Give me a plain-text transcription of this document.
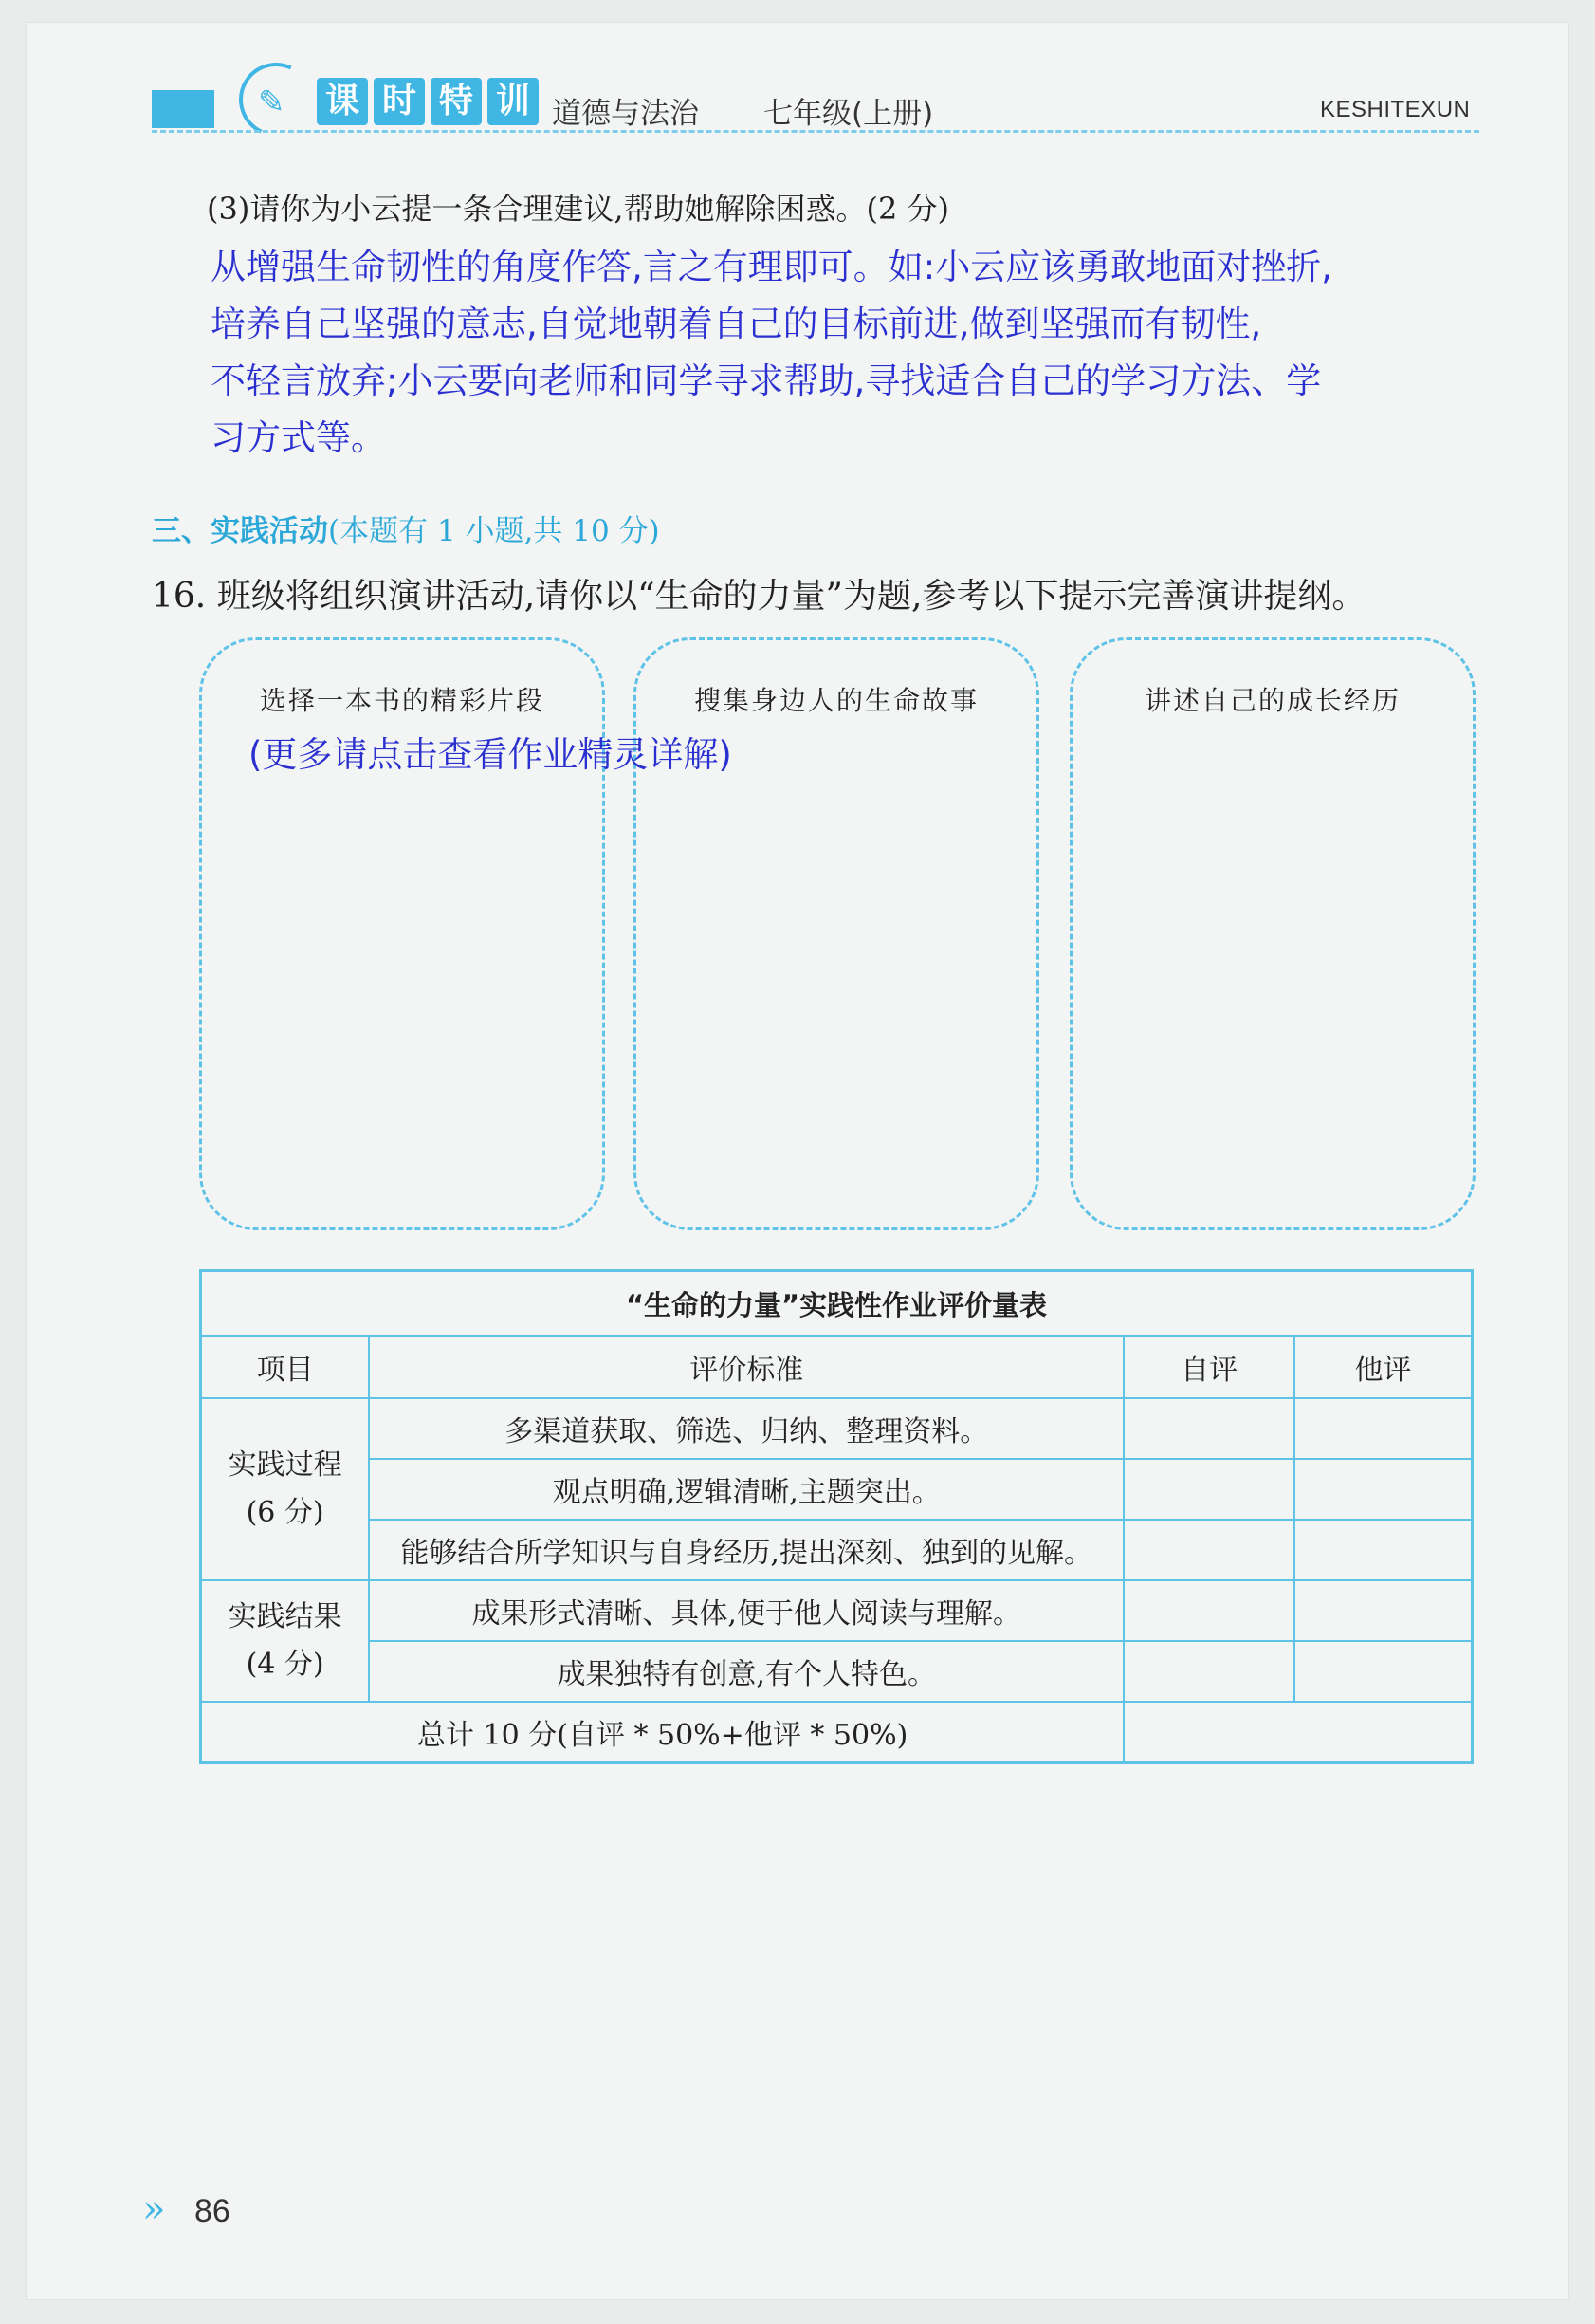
✎ 课 时 特 训 道德与法治 七年级(上册)	KESHITEXUN
(3)请你为小云提一条合理建议,帮助她解除困惑。(2 分)
从增强生命韧性的角度作答,言之有理即可。如:小云应该勇敢地面对挫折,
培养自己坚强的意志,自觉地朝着自己的目标前进,做到坚强而有韧性,
不轻言放弃;小云要向老师和同学寻求帮助,寻找适合自己的学习方法、学
习方式等。
三、实践活动(本题有 1 小题,共 10 分)
16. 班级将组织演讲活动,请你以“生命的力量”为题,参考以下提示完善演讲提纲。
选择一本书的精彩片段	搜集身边人的生命故事	讲述自己的成长经历
(更多请点击查看作业精灵详解)
“生命的力量”实践性作业评价量表			
项目	评价标准	自评	他评

实践过程
(6 分)	多渠道获取、筛选、归纳、整理资料。		
	观点明确,逻辑清晰,主题突出。		
	能够结合所学知识与自身经历,提出深刻、独到的见解。		

实践结果
(4 分)	成果形式清晰、具体,便于他人阅读与理解。		
	成果独特有创意,有个人特色。		
总计 10 分(自评 * 50%+他评 * 50%)			
» 86
